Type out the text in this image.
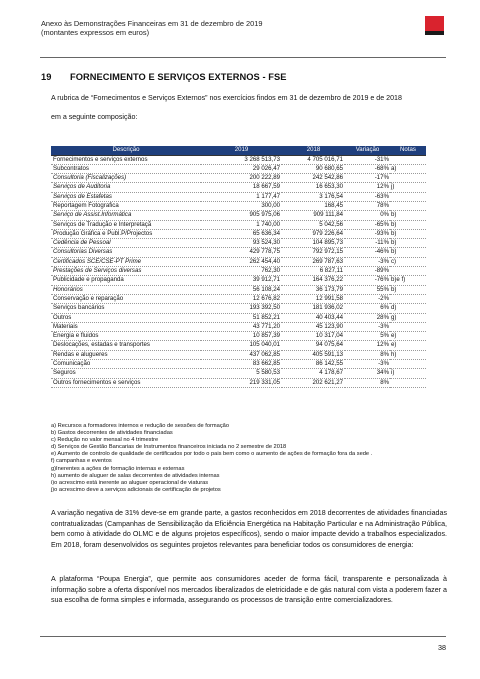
Anexo às Demonstrações Financeiras em 31 de dezembro de 2019
(montantes expressos em euros)
19 FORNECIMENTO E SERVIÇOS EXTERNOS - FSE

A rubrica de “Fornecimentos e Serviços Externos” nos exercícios findos em 31 de dezembro de 2019 e de 2018

em a seguinte composição:

Descrição	2019	2018	Variação	Notas
Fornecimentos e serviços externos	3 268 513,73	4 705 016,71	-31%	
Subcontratos	29 026,47	90 680,65	-68%	a)
Consultoria (Fiscalizações)	200 222,89	242 542,86	-17%	
Serviços de Auditoria	18 667,59	16 653,30	12%	j)
Serviços de Estafetas	1 177,47	3 176,54	-63%	
Reportagem Fotografica	300,00	168,45	78%	
Serviço de Assist.Informática	905 975,06	909 111,84	0%	b)
Serviços de Tradução e Interpretaçã	1 740,00	5 042,56	-65%	b)
Produção Gráfica e Publ.P/Projectos	65 636,34	979 226,64	-93%	b)
Cedência de Pessoal	93 524,30	104 895,73	-11%	b)
Consultorias Diversas	429 778,75	792 972,15	-46%	b)
Certificados SCE/CSE-PT Prime	262 454,40	269 787,63	-3%	c)
Prestações de Serviços diversas	762,30	6 827,11	-89%	
Publicidade e propaganda	39 912,71	164 376,22	-76%	b)e f)
Honorários	56 108,24	36 173,79	55%	b)
Conservação e reparação	12 676,82	12 991,58	-2%	
Serviços bancários	193 392,50	181 936,02	6%	d)
Outros	51 852,21	40 403,44	28%	g)
Materiais	43 771,20	45 123,90	-3%	
Energia e fluidos	10 857,39	10 317,04	5%	e)
Deslocações, estadas e transportes	105 040,01	94 075,64	12%	e)
Rendas e alugueres	437 062,85	405 591,13	8%	h)
Comunicação	83 662,85	86 142,55	-3%	
Seguros	5 580,53	4 178,67	34%	i)
Outros fornecimentos e serviços	219 331,05	202 621,27	8%	
a) Recursos a formadores internos e redução de sessões de formação
b) Gastos decorrentes de atividades financiadas
c) Redução no valor mensal no 4 trimestre
d) Serviços de Gestão Bancarias de Instrumentos financeiros iniciada no 2 semestre de 2018
e) Aumento de controlo de qualidade de certificados por todo o pais bem como o aumento de ações de formação fora da sede .
f) campanhas e eventos
g)Inerentes a ações de formação internas e externas
h) aumento de aluguer de salas decorrentes de atividades internas
i)o acrescimo está inerente ao aluguer operacional de viaturas
j)o acrescimo deve a serviços adicionais de certificação de projetos

A variação negativa de 31% deve-se em grande parte, a gastos reconhecidos em 2018 decorrentes de atividades financiadas contratualizadas (Campanhas de Sensibilização da Eficiência Energética na Habitação Particular e na Administração Pública, bem como à atividade do OLMC e de alguns projetos específicos), sendo o maior impacte devido a trabalhos especializados. Em 2018, foram desenvolvidos os seguintes projetos relevantes para beneficiar todos os consumidores de energia:

A plataforma “Poupa Energia”, que permite aos consumidores aceder de forma fácil, transparente e personalizada à informação sobre a oferta disponível nos mercados liberalizados de eletricidade e de gás natural com vista a poderem fazer a sua escolha de forma simples e informada, assegurando os processos de transição entre comercializadores.

38
